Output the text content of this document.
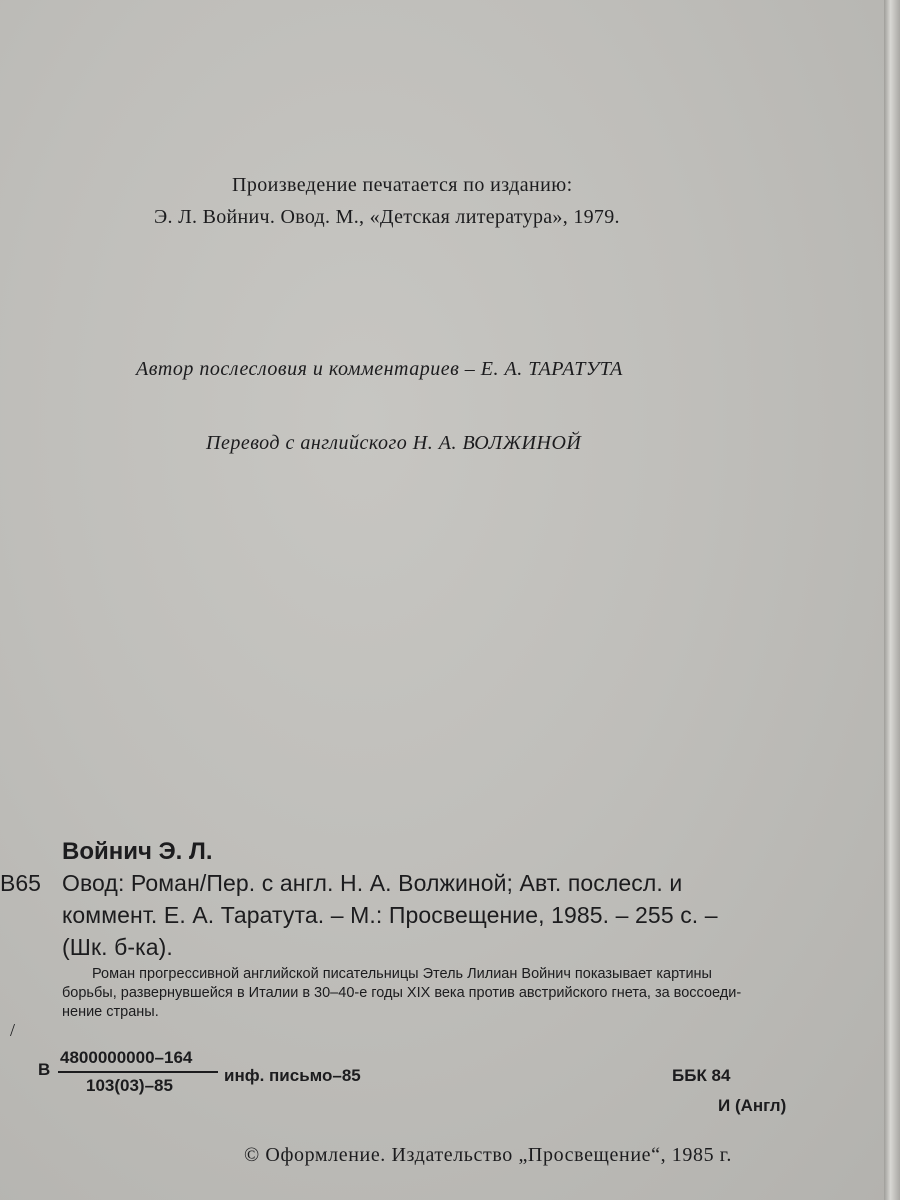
Произведение печатается по изданию:
Э. Л. Войнич. Овод. М., «Детская литература», 1979.
Автор послесловия и комментариев – Е. А. ТАРАТУТА
Перевод с английского Н. А. ВОЛЖИНОЙ
Войнич Э. Л.
В65 Овод: Роман/Пер. с англ. Н. А. Волжиной; Авт. послесл. и
коммент. Е. А. Таратута. – М.: Просвещение, 1985. – 255 с. –
(Шк. б-ка).
Роман прогрессивной английской писательницы Этель Лилиан Войнич показывает картины
борьбы, развернувшейся в Италии в 30–40-е годы XIX века против австрийского гнета, за воссоеди-
нение страны.
/
В
4800000000–164
103(03)–85
инф. письмо–85	ББК 84
И (Англ)
© Оформление. Издательство „Просвещение“, 1985 г.
